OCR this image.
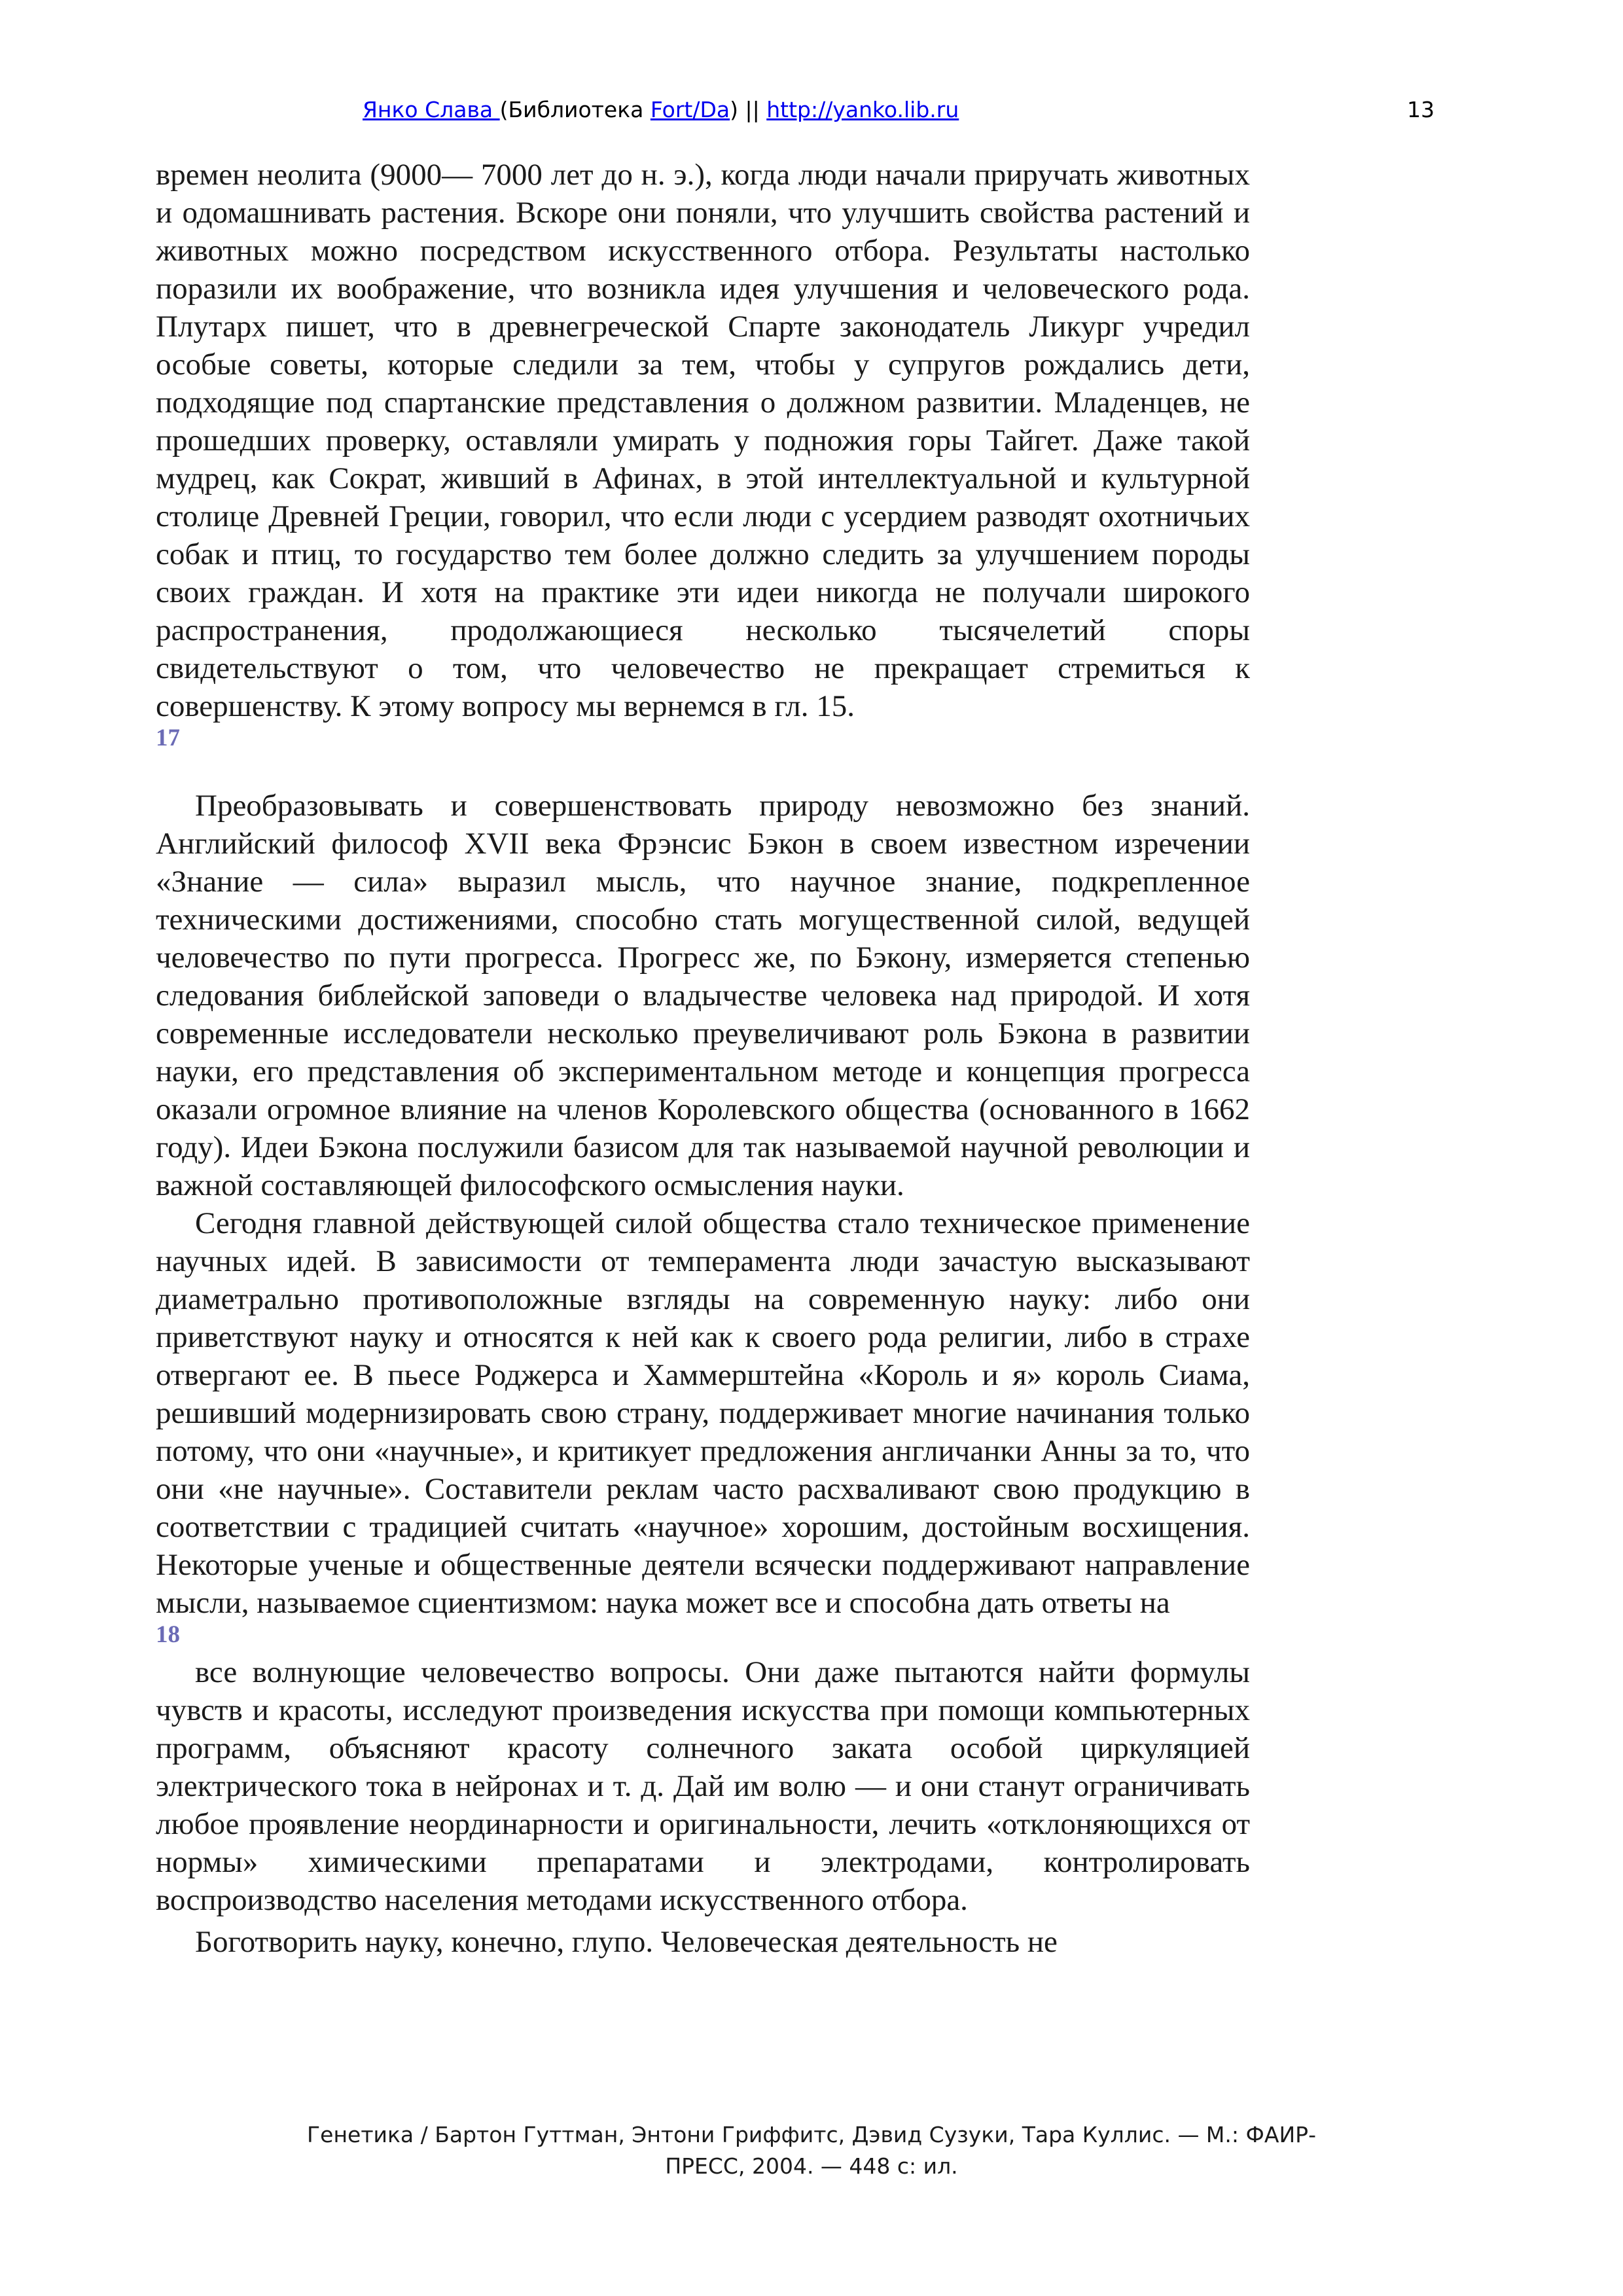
Янко Слава (Библиотека Fort/Da) || http://yanko.lib.ru	13

времен неолита (9000— 7000 лет до н. э.), когда люди начали приручать животных и одомашнивать растения. Вскоре они поняли, что улучшить свойства растений и животных можно посредством искусственного отбора. Результаты настолько поразили их воображение, что возникла идея улучшения и человеческого рода. Плутарх пишет, что в древнегреческой Спарте законодатель Ликург учредил особые советы, которые следили за тем, чтобы у супругов рождались дети, подходящие под спартанские представления о должном развитии. Младенцев, не прошедших проверку, оставляли умирать у подножия горы Тайгет. Даже такой мудрец, как Сократ, живший в Афинах, в этой интеллектуальной и культурной столице Древней Греции, говорил, что если люди с усердием разводят охотничьих собак и птиц, то государство тем более должно следить за улучшением породы своих граждан. И хотя на практике эти идеи никогда не получали широкого распространения, продолжающиеся несколько тысячелетий споры свидетельствуют о том, что человечество не прекращает стремиться к совершенству. К этому вопросу мы вернемся в гл. 15.

17

Преобразовывать и совершенствовать природу невозможно без знаний. Английский философ XVII века Фрэнсис Бэкон в своем известном изречении «Знание — сила» выразил мысль, что научное знание, подкрепленное техническими достижениями, способно стать могущественной силой, ведущей человечество по пути прогресса. Прогресс же, по Бэкону, измеряется степенью следования библейской заповеди о владычестве человека над природой. И хотя современные исследователи несколько преувеличивают роль Бэкона в развитии науки, его представления об экспериментальном методе и концепция прогресса оказали огромное влияние на членов Королевского общества (основанного в 1662 году). Идеи Бэкона послужили базисом для так называемой научной революции и важной составляющей философского осмысления науки.

Сегодня главной действующей силой общества стало техническое применение научных идей. В зависимости от темперамента люди зачастую высказывают диаметрально противоположные взгляды на современную науку: либо они приветствуют науку и относятся к ней как к своего рода религии, либо в страхе отвергают ее. В пьесе Роджерса и Хаммерштейна «Король и я» король Сиама, решивший модернизировать свою страну, поддерживает многие начинания только потому, что они «научные», и критикует предложения англичанки Анны за то, что они «не научные». Составители реклам часто расхваливают свою продукцию в соответствии с традицией считать «научное» хорошим, достойным восхищения. Некоторые ученые и общественные деятели всячески поддерживают направление мысли, называемое сциентизмом: наука может все и способна дать ответы на

18

все волнующие человечество вопросы. Они даже пытаются найти формулы чувств и красоты, исследуют произведения искусства при помощи компьютерных программ, объясняют красоту солнечного заката особой циркуляцией электрического тока в нейронах и т. д. Дай им волю — и они станут ограничивать любое проявление неординарности и оригинальности, лечить «отклоняющихся от нормы» химическими препаратами и электродами, контролировать воспроизводство населения методами искусственного отбора.

Боготворить науку, конечно, глупо. Человеческая деятельность не

Генетика / Бартон Гуттман, Энтони Гриффитс, Дэвид Сузуки, Тара Куллис. — М.: ФАИР-
ПРЕСС, 2004. — 448 с: ил.
